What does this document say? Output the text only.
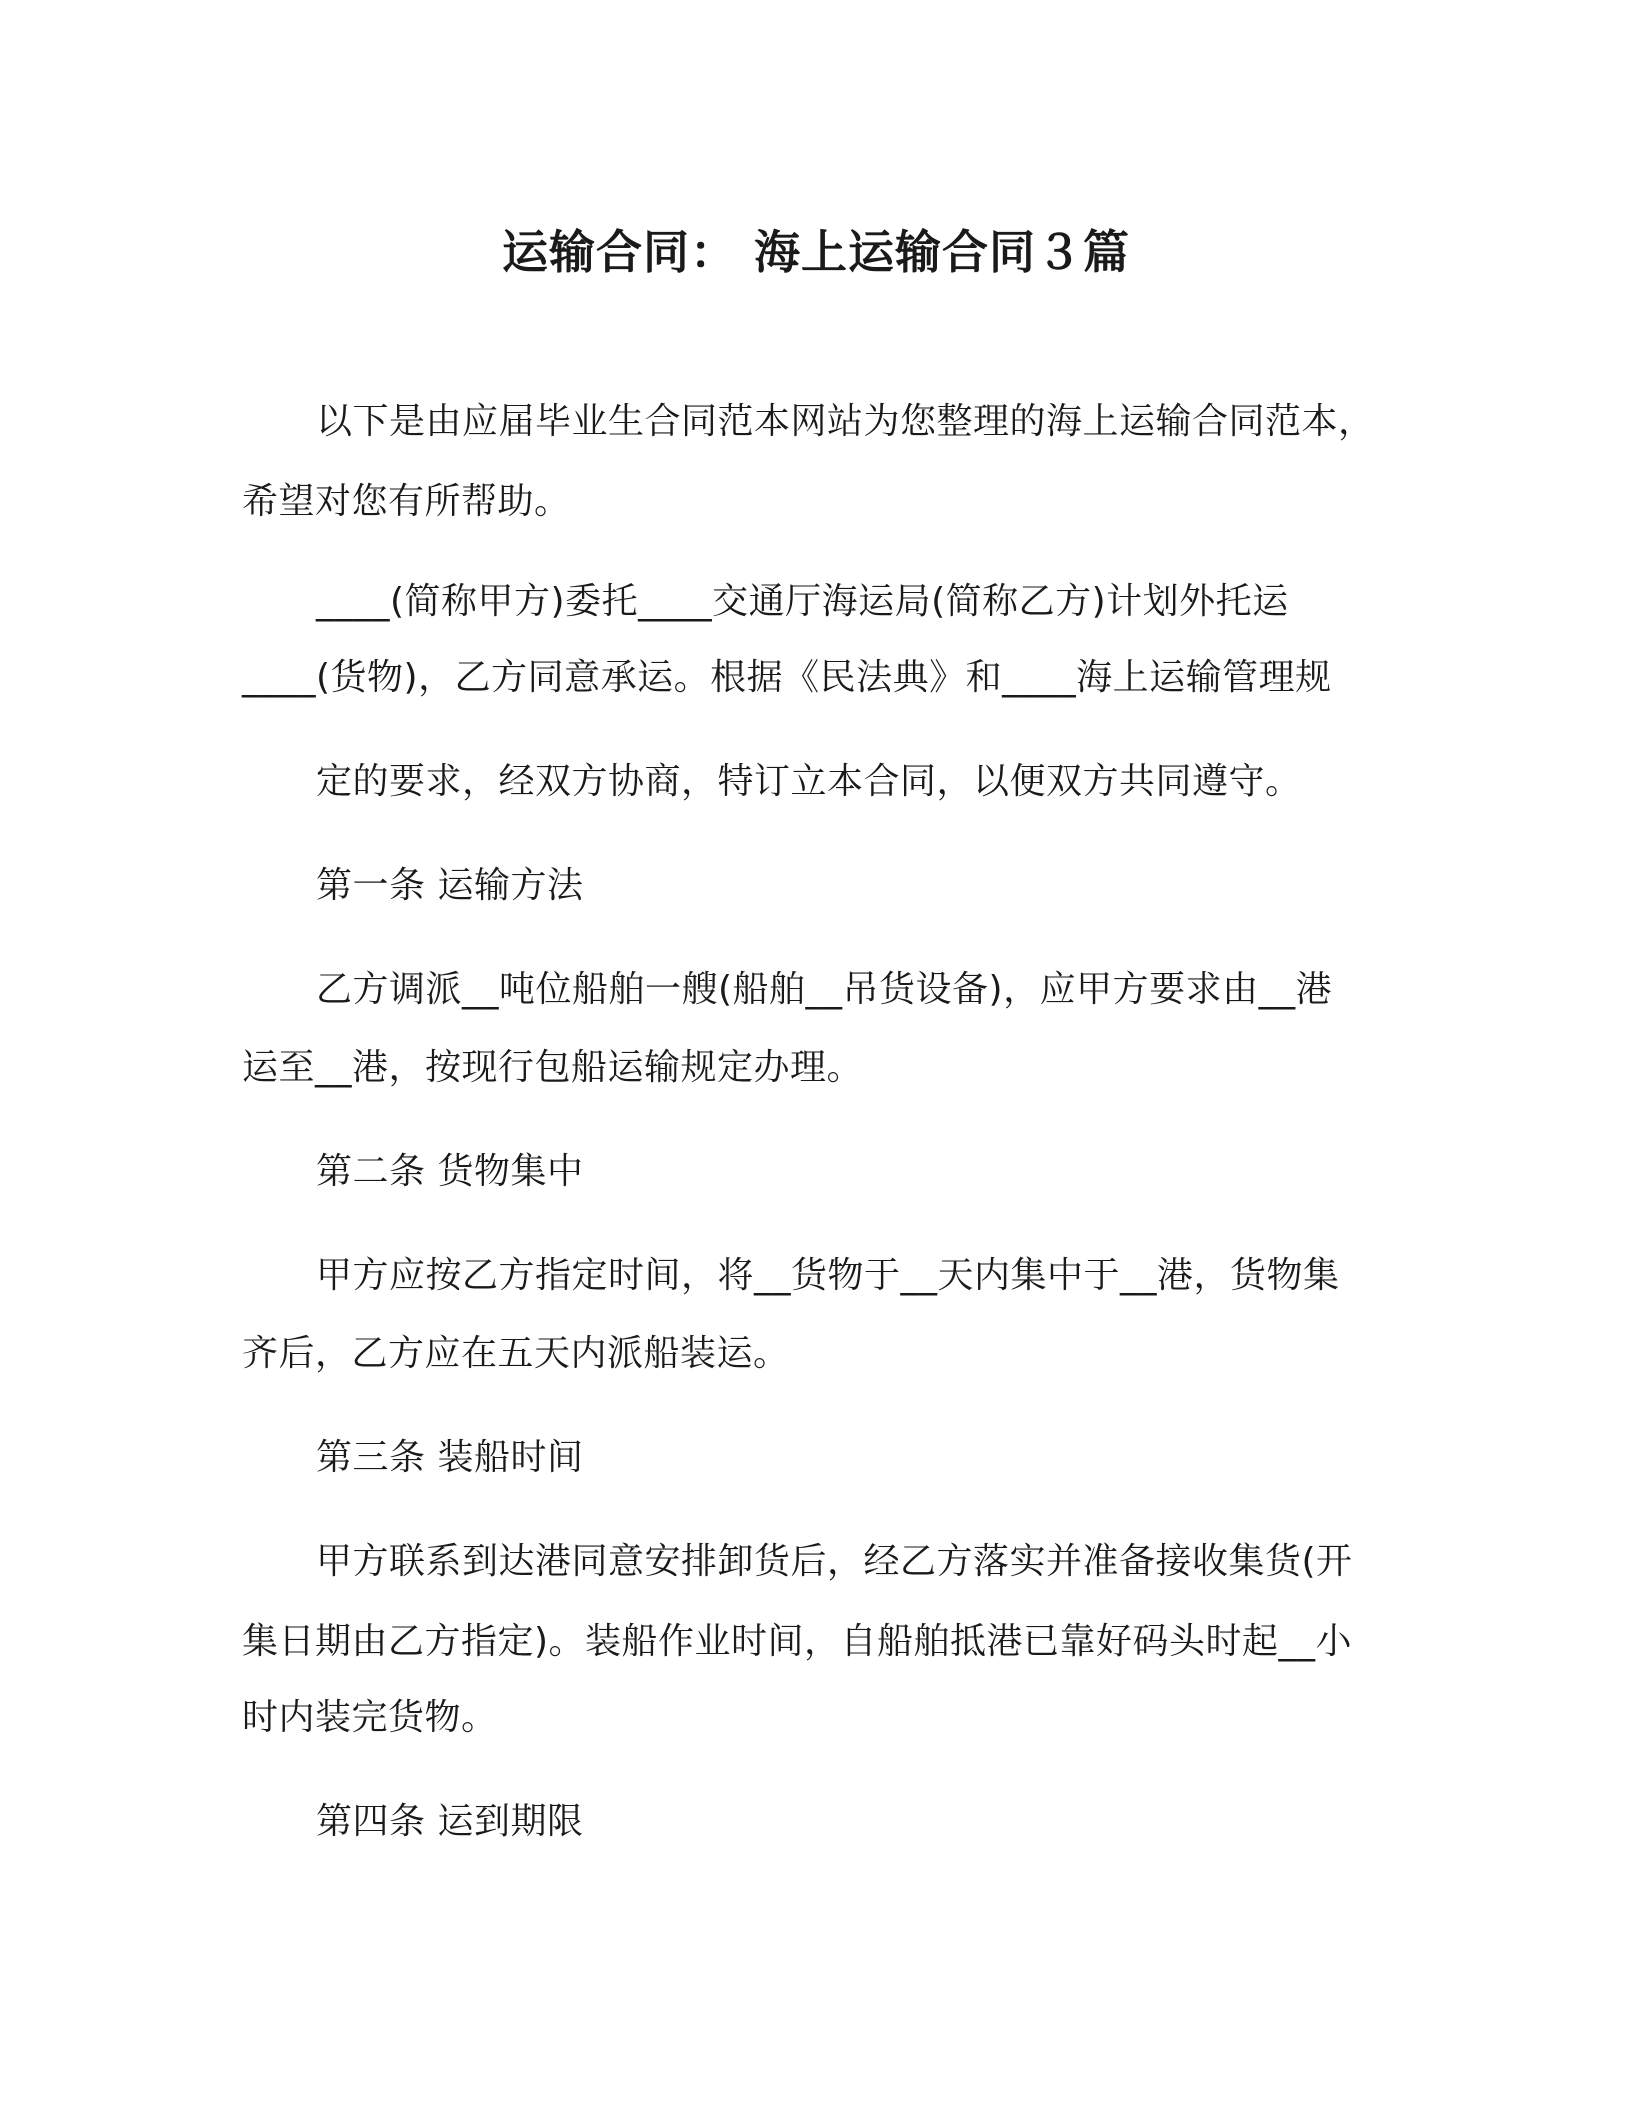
运输合同： 海上运输合同３篇
以下是由应届毕业生合同范本网站为您整理的海上运输合同范本，
希望对您有所帮助。
____(简称甲方)委托____交通厅海运局(简称乙方)计划外托运
____(货物)，乙方同意承运。根据《民法典》和____海上运输管理规
定的要求，经双方协商，特订立本合同，以便双方共同遵守。
第一条 运输方法
乙方调派__吨位船舶一艘(船舶__吊货设备)，应甲方要求由__港
运至__港，按现行包船运输规定办理。
第二条 货物集中
甲方应按乙方指定时间，将__货物于__天内集中于__港，货物集
齐后，乙方应在五天内派船装运。
第三条 装船时间
甲方联系到达港同意安排卸货后，经乙方落实并准备接收集货(开
集日期由乙方指定)。装船作业时间，自船舶抵港已靠好码头时起__小
时内装完货物。
第四条 运到期限
